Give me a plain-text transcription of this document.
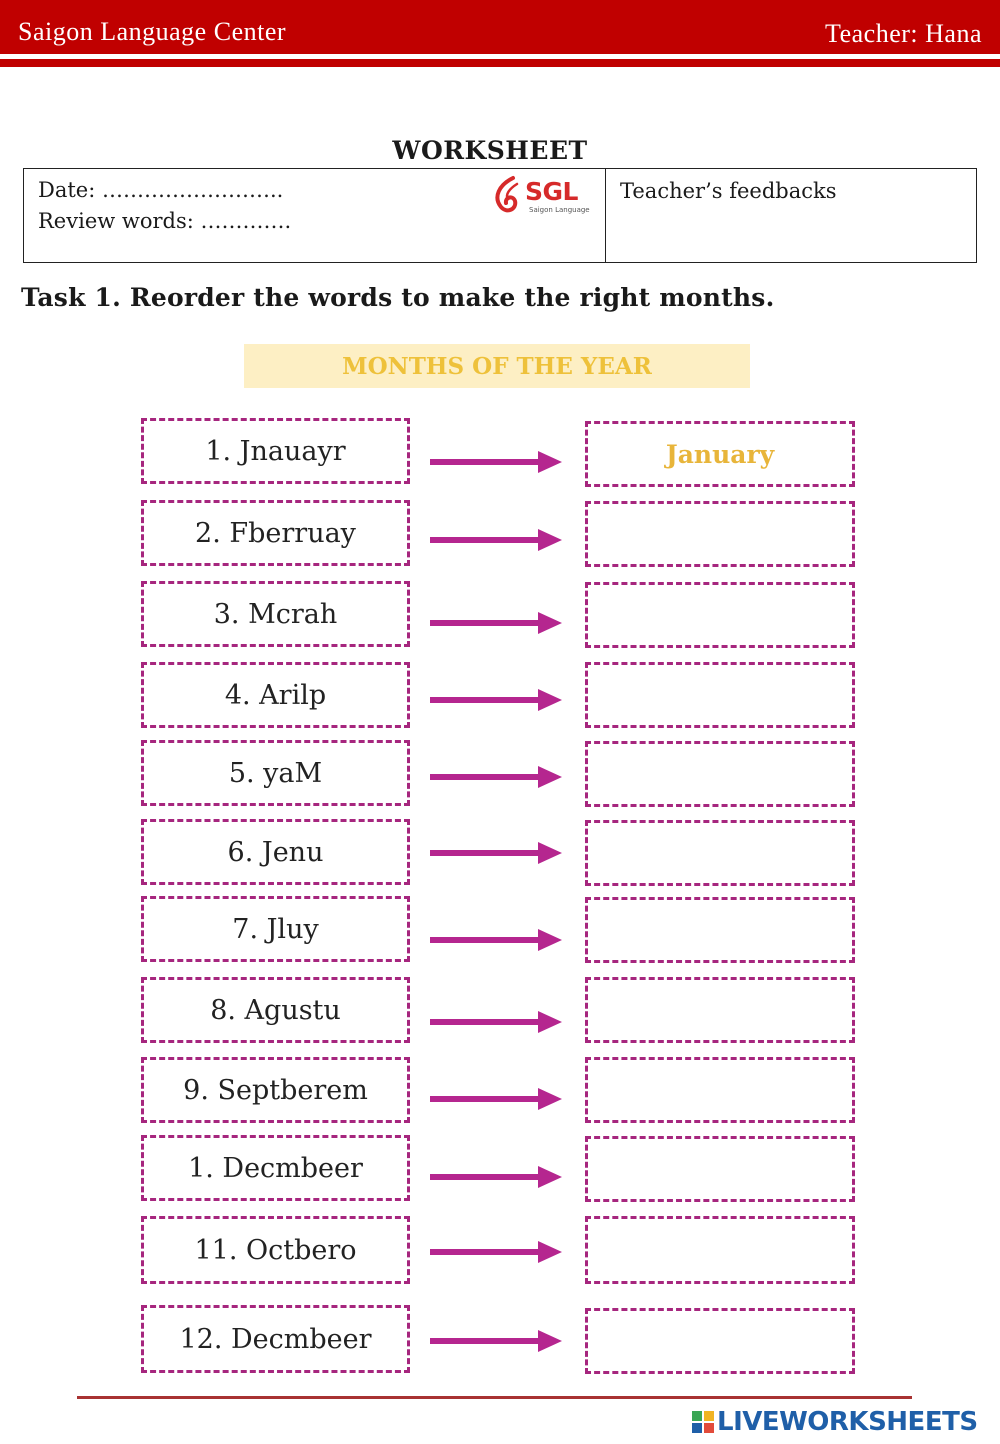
Saigon Language Center	Teacher: Hana
WORKSHEET
Date: ……………………..
Review words: ………….
SGL
Saigon Language
Teacher’s feedbacks
Task 1. Reorder the words to make the right months.
MONTHS OF THE YEAR
1. Jnauayr	January
2. Fberruay
3. Mcrah
4. Arilp
5. yaM
6. Jenu
7. Jluy
8. Agustu
9. Septberem
1. Decmbeer
11. Octbero
12. Decmbeer
LIVEWORKSHEETS
